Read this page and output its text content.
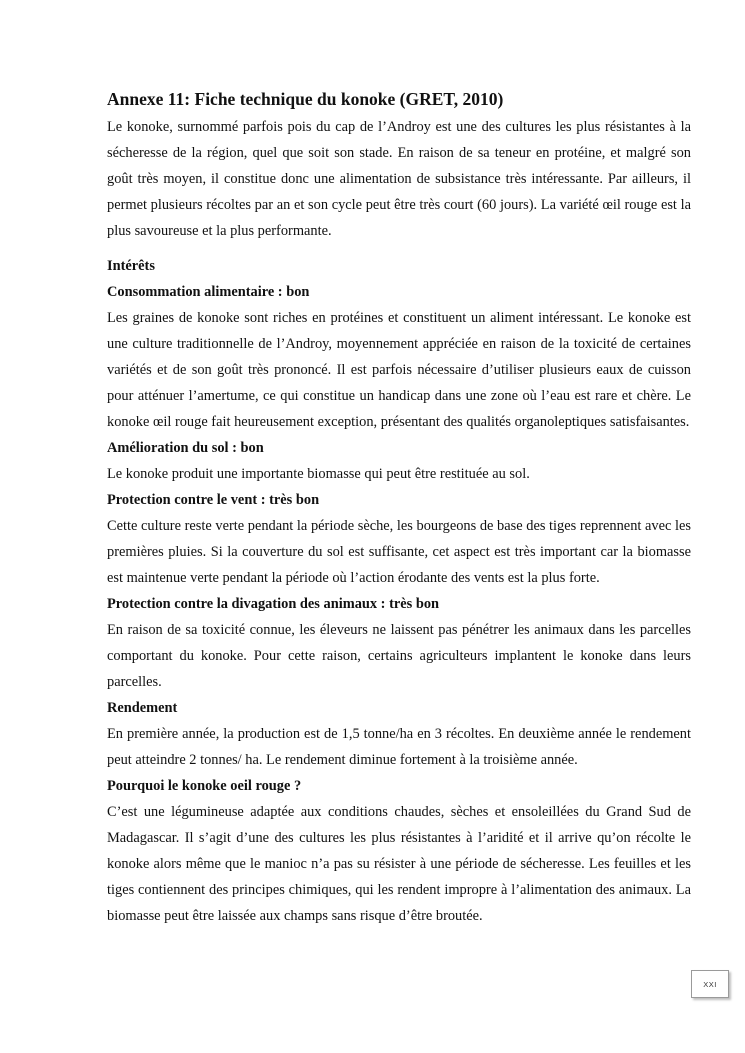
Annexe 11: Fiche technique du konoke (GRET, 2010)

Le konoke, surnommé parfois pois du cap de l’Androy est une des cultures les plus résistantes à la sécheresse de la région, quel que soit son stade. En raison de sa teneur en protéine, et malgré son goût très moyen, il constitue donc une alimentation de subsistance très intéressante. Par ailleurs, il permet plusieurs récoltes par an et son cycle peut être très court (60 jours). La variété œil rouge est la plus savoureuse et la plus performante.

Intérêts
Consommation alimentaire : bon

Les graines de konoke sont riches en protéines et constituent un aliment intéressant. Le konoke est une culture traditionnelle de l’Androy, moyennement appréciée en raison de la toxicité de certaines variétés et de son goût très prononcé. Il est parfois nécessaire d’utiliser plusieurs eaux de cuisson pour atténuer l’amertume, ce qui constitue un handicap dans une zone où l’eau est rare et chère. Le konoke œil rouge fait heureusement exception, présentant des qualités organoleptiques satisfaisantes.

Amélioration du sol : bon

Le konoke produit une importante biomasse qui peut être restituée au sol.

Protection contre le vent : très bon

Cette culture reste verte pendant la période sèche, les bourgeons de base des tiges reprennent avec les premières pluies. Si la couverture du sol est suffisante, cet aspect est très important car la biomasse est maintenue verte pendant la période où l’action érodante des vents est la plus forte.

Protection contre la divagation des animaux : très bon

En raison de sa toxicité connue, les éleveurs ne laissent pas pénétrer les animaux dans les parcelles comportant du konoke. Pour cette raison, certains agriculteurs implantent le konoke dans leurs parcelles.

Rendement

En première année, la production est de 1,5 tonne/ha en 3 récoltes. En deuxième année le rendement peut atteindre 2 tonnes/ ha. Le rendement diminue fortement à la troisième année.

Pourquoi le konoke oeil rouge ?

C’est une légumineuse adaptée aux conditions chaudes, sèches et ensoleillées du Grand Sud de Madagascar. Il s’agit d’une des cultures les plus résistantes à l’aridité et il arrive qu’on récolte le konoke alors même que le manioc n’a pas su résister à une période de sécheresse. Les feuilles et les tiges contiennent des principes chimiques, qui les rendent impropre à l’alimentation des animaux. La biomasse peut être laissée aux champs sans risque d’être broutée.

XXI
